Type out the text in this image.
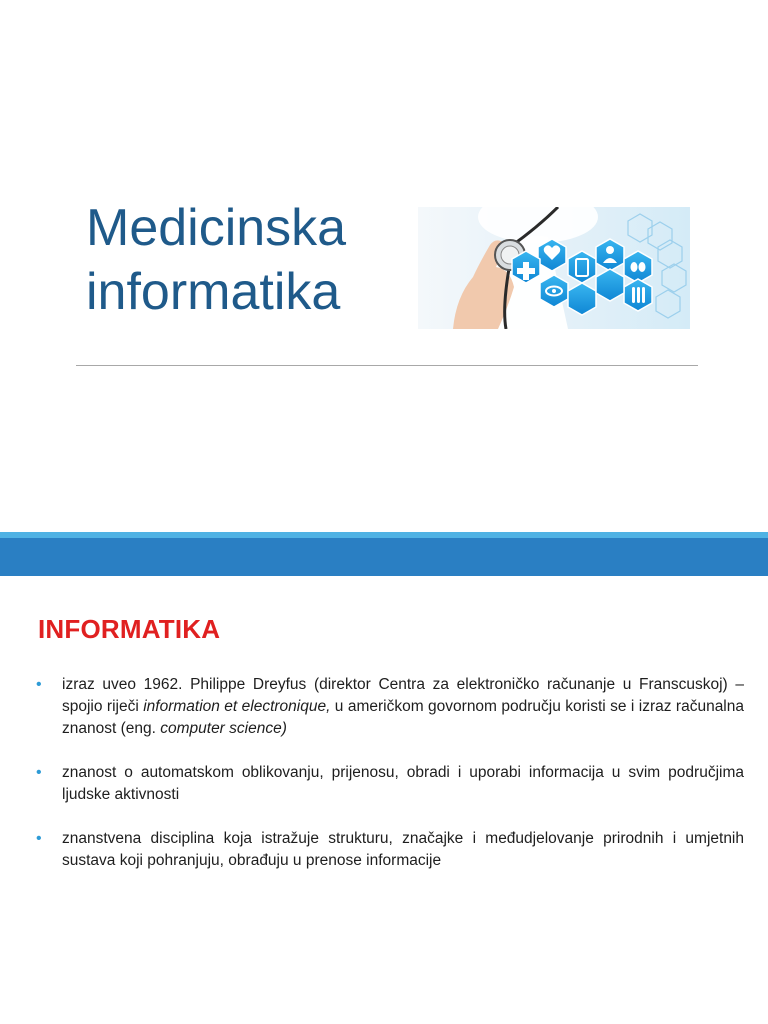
Medicinska
informatika
INFORMATIKA
• izraz uveo 1962. Philippe Dreyfus (direktor Centra za elektroničko računanje u Franscuskoj) – spojio riječi information et electronique, u američkom govornom području koristi se i izraz računalna znanost (eng. computer science)
• znanost o automatskom oblikovanju, prijenosu, obradi i uporabi informacija u svim područjima ljudske aktivnosti
• znanstvena disciplina koja istražuje strukturu, značajke i međudjelovanje prirodnih i umjetnih sustava koji pohranjuju, obrađuju u prenose informacije
